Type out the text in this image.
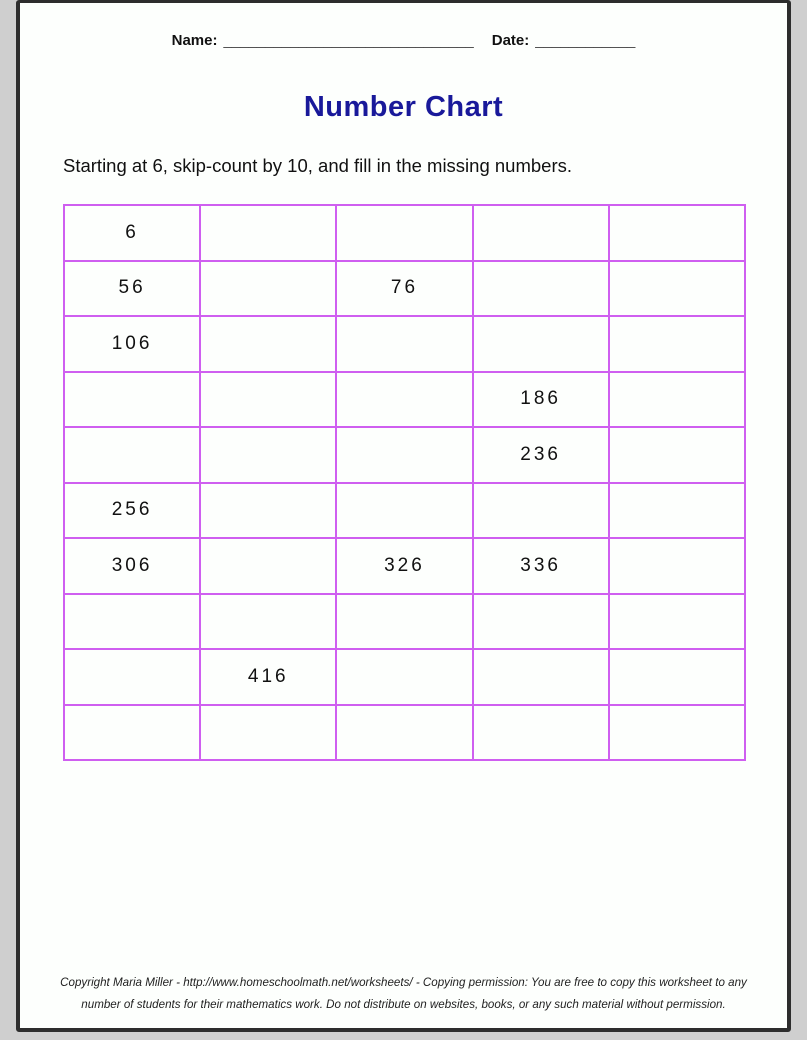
Name: ______________________________ Date: ____________
Number Chart
Starting at 6, skip-count by 10, and fill in the missing numbers.
6				
56		76		
106				
			186	
			236	
256				
306		326	336	

	416			

Copyright Maria Miller - http://www.homeschoolmath.net/worksheets/ - Copying permission: You are free to copy this worksheet to any
number of students for their mathematics work. Do not distribute on websites, books, or any such material without permission.
